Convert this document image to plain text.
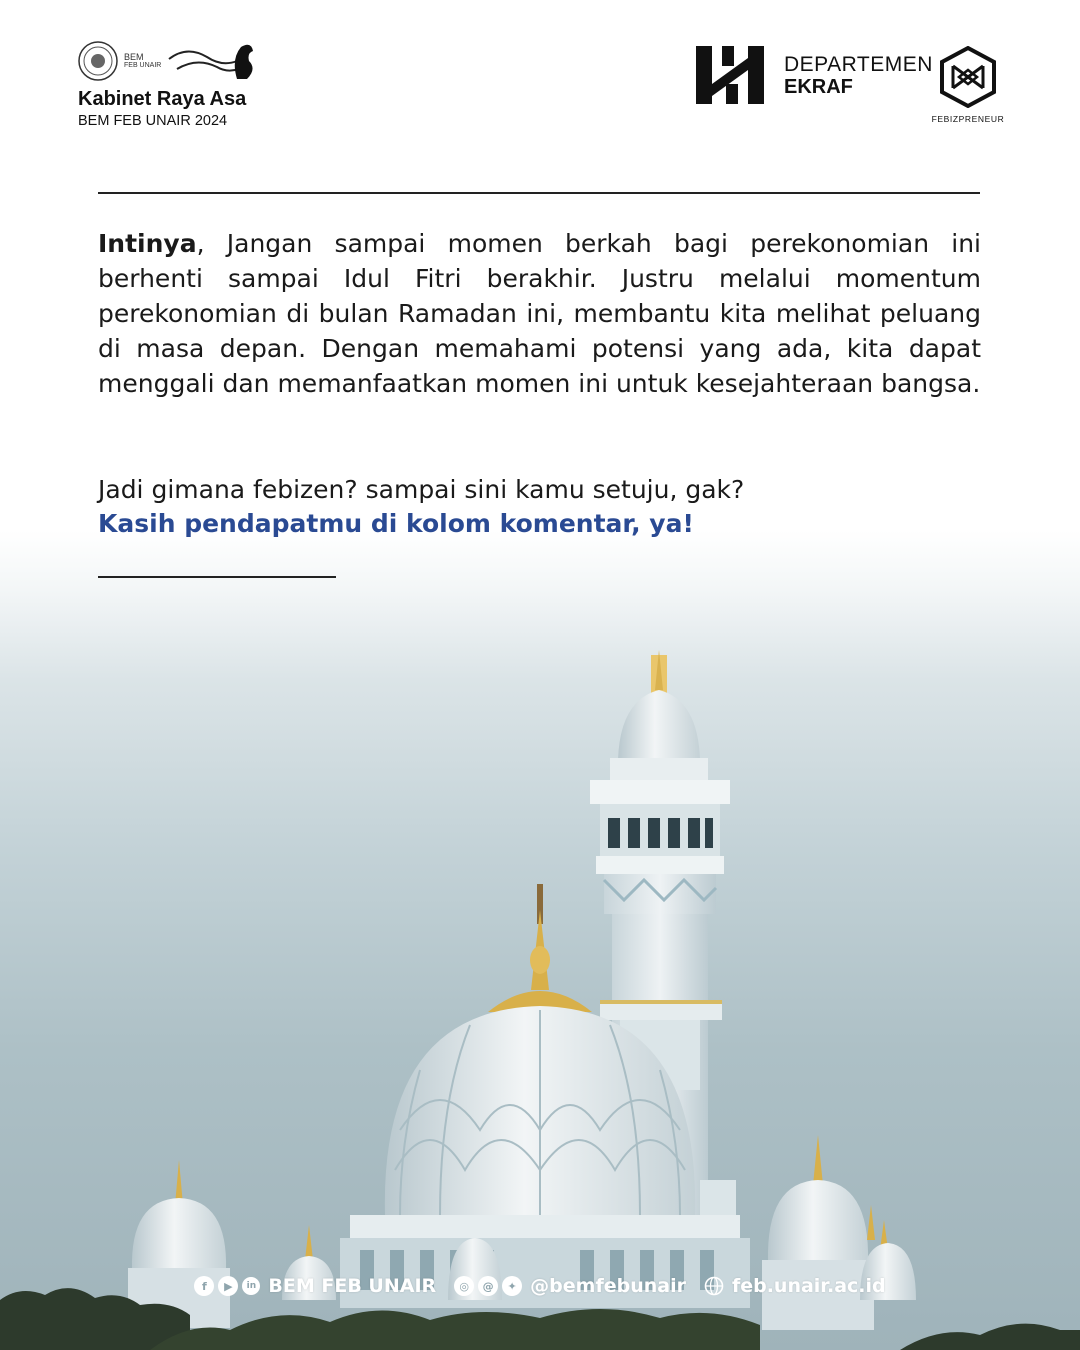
BEM
FEB UNAIR
Kabinet Raya Asa
BEM FEB UNAIR 2024
DEPARTEMEN
EKRAF
FEBIZPRENEUR
Intinya, Jangan sampai momen berkah bagi perekonomian ini berhenti sampai Idul Fitri berakhir. Justru melalui momentum perekonomian di bulan Ramadan ini, membantu kita melihat peluang di masa depan. Dengan memahami potensi yang ada, kita dapat menggali dan memanfaatkan momen ini untuk kesejahteraan bangsa.
Jadi gimana febizen? sampai sini kamu setuju, gak?
Kasih pendapatmu di kolom komentar, ya!
f	▶	in BEM FEB UNAIR	◎	@	✦ @bemfebunair feb.unair.ac.id
